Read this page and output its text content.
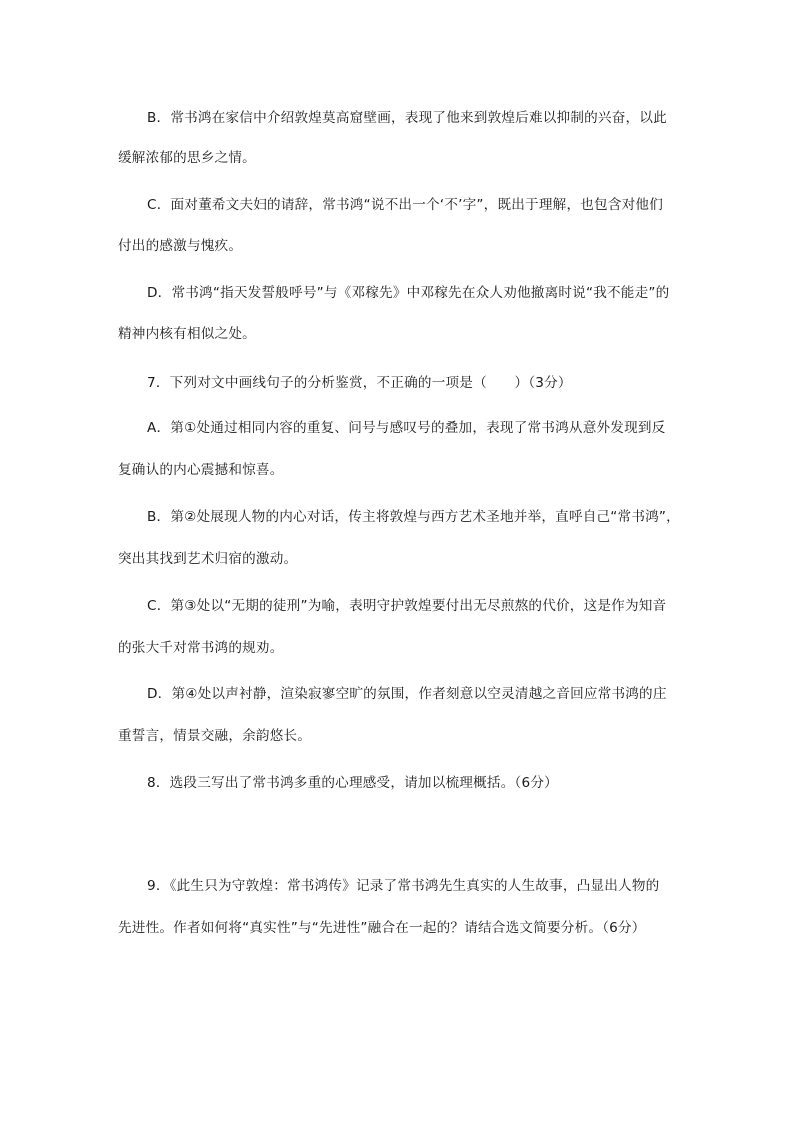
B．常书鸿在家信中介绍敦煌莫高窟壁画，表现了他来到敦煌后难以抑制的兴奋，以此
缓解浓郁的思乡之情。
C．面对董希文夫妇的请辞，常书鸿“说不出一个‘不’字”，既出于理解，也包含对他们
付出的感激与愧疚。
D．常书鸿“指天发誓般呼号”与《邓稼先》中邓稼先在众人劝他撤离时说“我不能走”的
精神内核有相似之处。
7．下列对文中画线句子的分析鉴赏，不正确的一项是（　　）（3分）
A．第①处通过相同内容的重复、问号与感叹号的叠加，表现了常书鸿从意外发现到反
复确认的内心震撼和惊喜。
B．第②处展现人物的内心对话，传主将敦煌与西方艺术圣地并举，直呼自己“常书鸿”，
突出其找到艺术归宿的激动。
C．第③处以“无期的徒刑”为喻，表明守护敦煌要付出无尽煎熬的代价，这是作为知音
的张大千对常书鸿的规劝。
D．第④处以声衬静，渲染寂寥空旷的氛围，作者刻意以空灵清越之音回应常书鸿的庄
重誓言，情景交融，余韵悠长。
8．选段三写出了常书鸿多重的心理感受，请加以梳理概括。（6分）
9．《此生只为守敦煌：常书鸿传》记录了常书鸿先生真实的人生故事，凸显出人物的
先进性。作者如何将“真实性”与“先进性”融合在一起的？请结合选文简要分析。（6分）
